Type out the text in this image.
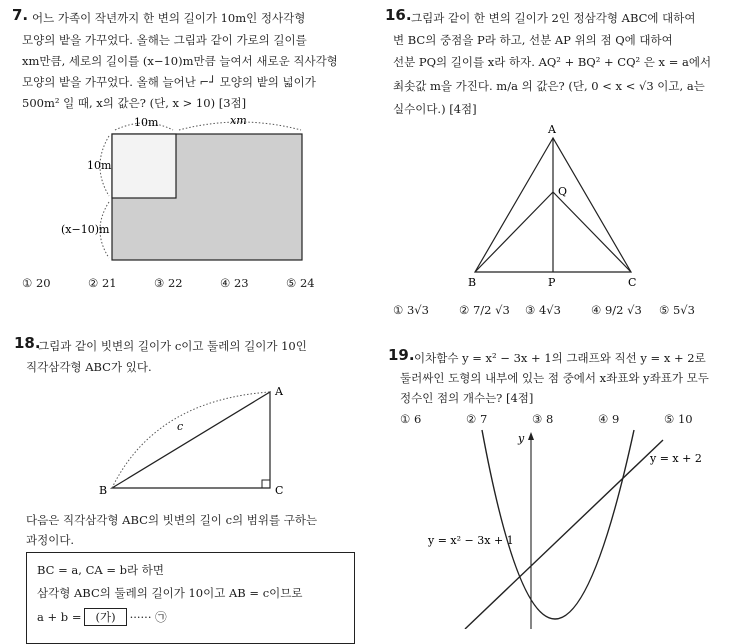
7. 어느 가족이 작년까지 한 변의 길이가 10m인 정사각형
모양의 밭을 가꾸었다. 올해는 그림과 같이 가로의 길이를
xm만큼, 세로의 길이를 (x−10)m만큼 늘여서 새로운 직사각형
모양의 밭을 가꾸었다. 올해 늘어난 ⌐┘ 모양의 밭의 넓이가
500m² 일 때, x의 값은? (단, x > 10) [3점]
10m	xm
10m
(x−10)m
① 20	② 21	③ 22	④ 23	⑤ 24
18.
그림과 같이 빗변의 길이가 c이고 둘레의 길이가 10인
직각삼각형 ABC가 있다.
A
B	C
c
다음은 직각삼각형 ABC의 빗변의 길이 c의 범위를 구하는
과정이다.
BC = a, CA = b라 하면
삼각형 ABC의 둘레의 길이가 10이고 AB = c이므로
a + b = (가) ······ ㉠
16. 그림과 같이 한 변의 길이가 2인 정삼각형 ABC에 대하여
변 BC의 중점을 P라 하고, 선분 AP 위의 점 Q에 대하여
선분 PQ의 길이를 x라 하자. AQ² + BQ² + CQ² 은 x = a에서
최솟값 m을 가진다. m/a 의 값은? (단, 0 < x < √3 이고, a는
실수이다.) [4점]
A
Q
B	P	C
① 3√3	② 7/2 √3 ③ 4√3	④ 9/2 √3 ⑤ 5√3
19. 이차함수 y = x² − 3x + 1의 그래프와 직선 y = x + 2로
둘러싸인 도형의 내부에 있는 점 중에서 x좌표와 y좌표가 모두
정수인 점의 개수는? [4점]
① 6	② 7	③ 8	④ 9	⑤ 10
y
y = x + 2
y = x² − 3x + 1
